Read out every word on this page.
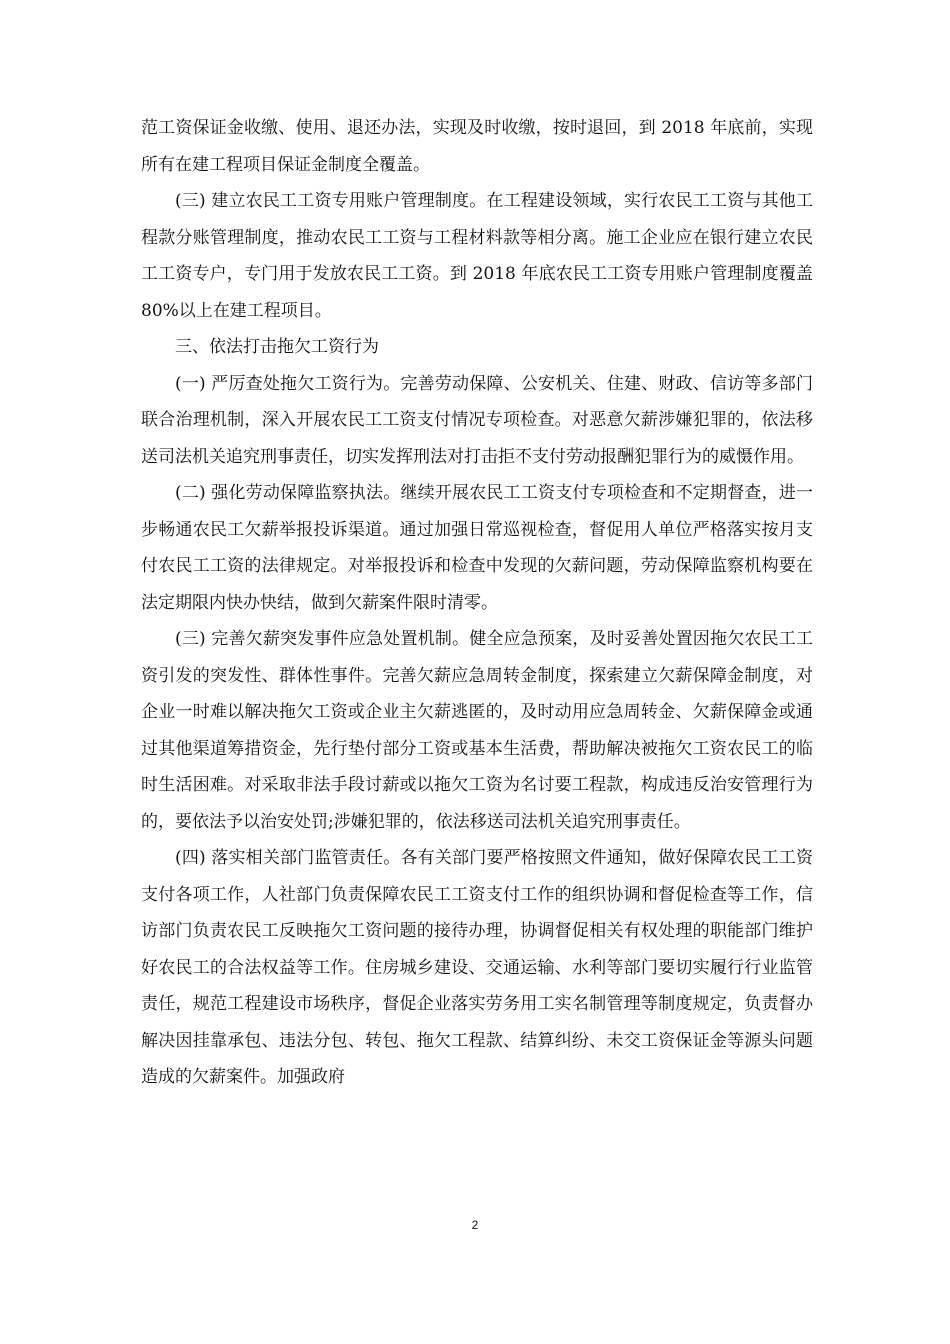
范工资保证金收缴、使用、退还办法，实现及时收缴，按时退回，到 2018 年底前，实现所有在建工程项目保证金制度全覆盖。

(三) 建立农民工工资专用账户管理制度。在工程建设领域，实行农民工工资与其他工程款分账管理制度，推动农民工工资与工程材料款等相分离。施工企业应在银行建立农民工工资专户，专门用于发放农民工工资。到 2018 年底农民工工资专用账户管理制度覆盖 80%以上在建工程项目。

三、依法打击拖欠工资行为

(一) 严厉查处拖欠工资行为。完善劳动保障、公安机关、住建、财政、信访等多部门联合治理机制，深入开展农民工工资支付情况专项检查。对恶意欠薪涉嫌犯罪的，依法移送司法机关追究刑事责任，切实发挥刑法对打击拒不支付劳动报酬犯罪行为的威慑作用。

(二) 强化劳动保障监察执法。继续开展农民工工资支付专项检查和不定期督查，进一步畅通农民工欠薪举报投诉渠道。通过加强日常巡视检查，督促用人单位严格落实按月支付农民工工资的法律规定。对举报投诉和检查中发现的欠薪问题，劳动保障监察机构要在法定期限内快办快结，做到欠薪案件限时清零。

(三) 完善欠薪突发事件应急处置机制。健全应急预案，及时妥善处置因拖欠农民工工资引发的突发性、群体性事件。完善欠薪应急周转金制度，探索建立欠薪保障金制度，对企业一时难以解决拖欠工资或企业主欠薪逃匿的，及时动用应急周转金、欠薪保障金或通过其他渠道筹措资金，先行垫付部分工资或基本生活费，帮助解决被拖欠工资农民工的临时生活困难。对采取非法手段讨薪或以拖欠工资为名讨要工程款，构成违反治安管理行为的，要依法予以治安处罚;涉嫌犯罪的，依法移送司法机关追究刑事责任。

(四) 落实相关部门监管责任。各有关部门要严格按照文件通知，做好保障农民工工资支付各项工作，人社部门负责保障农民工工资支付工作的组织协调和督促检查等工作，信访部门负责农民工反映拖欠工资问题的接待办理，协调督促相关有权处理的职能部门维护好农民工的合法权益等工作。住房城乡建设、交通运输、水利等部门要切实履行行业监管责任，规范工程建设市场秩序，督促企业落实劳务用工实名制管理等制度规定，负责督办解决因挂靠承包、违法分包、转包、拖欠工程款、结算纠纷、未交工资保证金等源头问题造成的欠薪案件。加强政府

2
